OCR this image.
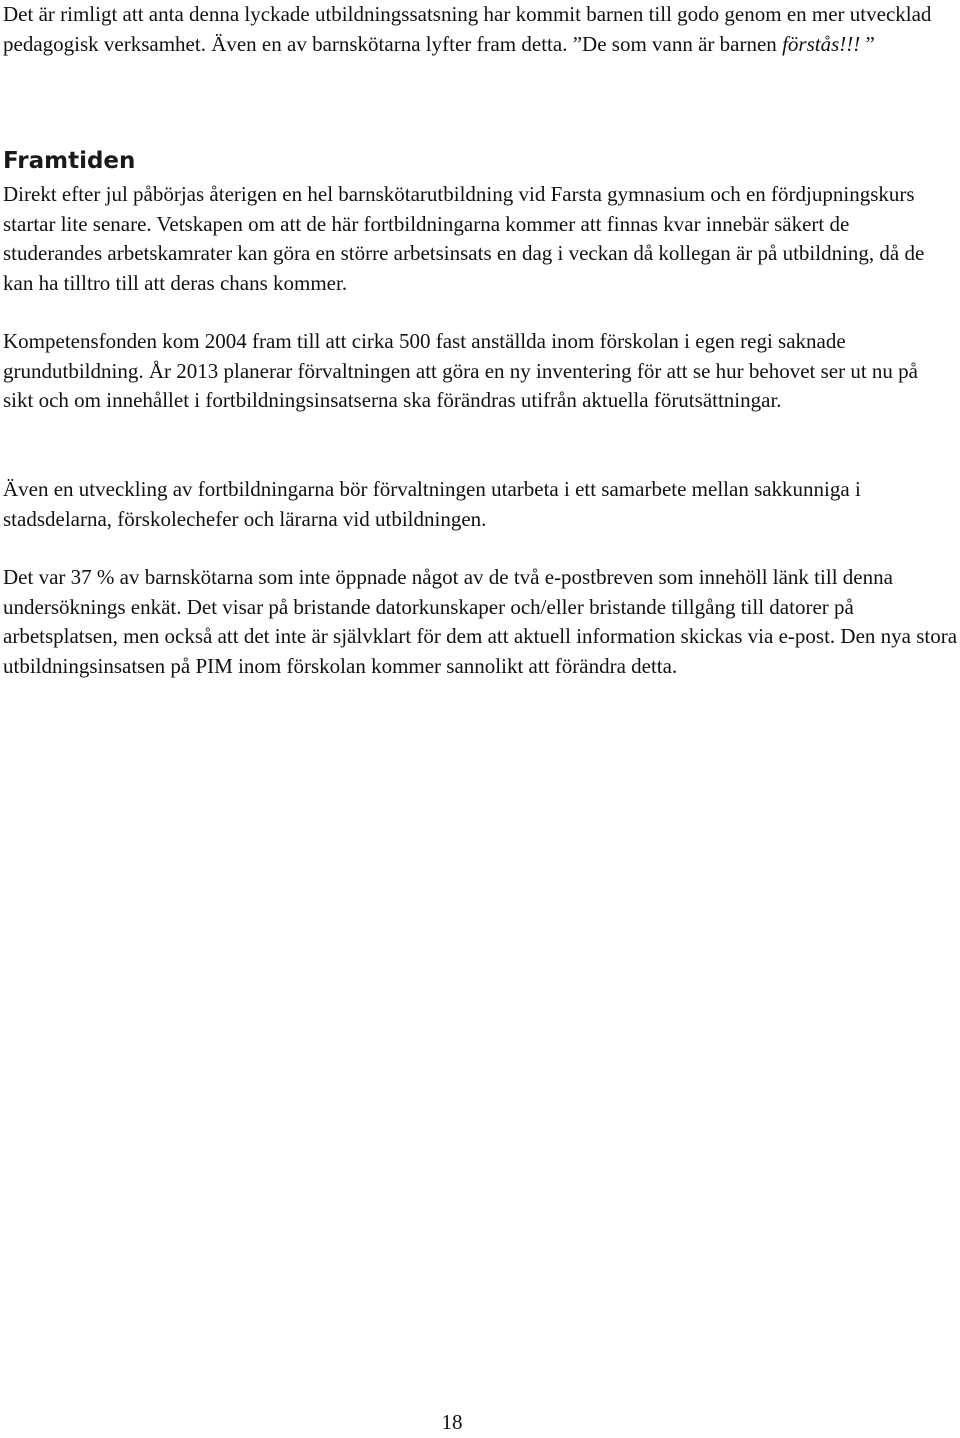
Det är rimligt att anta denna lyckade utbildningssatsning har kommit barnen till godo genom en mer utvecklad pedagogisk verksamhet. Även en av barnskötarna lyfter fram detta. ”De som vann är barnen förstås!!! ”

Framtiden

Direkt efter jul påbörjas återigen en hel barnskötarutbildning vid Farsta gymnasium och en fördjupningskurs startar lite senare. Vetskapen om att de här fortbildningarna kommer att finnas kvar innebär säkert de studerandes arbetskamrater kan göra en större arbetsinsats en dag i veckan då kollegan är på utbildning, då de kan ha tilltro till att deras chans kommer.

Kompetensfonden kom 2004 fram till att cirka 500 fast anställda inom förskolan i egen regi saknade grundutbildning. År 2013 planerar förvaltningen att göra en ny inventering för att se hur behovet ser ut nu på sikt och om innehållet i fortbildningsinsatserna ska förändras utifrån aktuella förutsättningar.

Även en utveckling av fortbildningarna bör förvaltningen utarbeta i ett samarbete mellan sakkunniga i stadsdelarna, förskolechefer och lärarna vid utbildningen.

Det var 37 % av barnskötarna som inte öppnade något av de två e-postbreven som innehöll länk till denna undersöknings enkät. Det visar på bristande datorkunskaper och/eller bristande tillgång till datorer på arbetsplatsen, men också att det inte är självklart för dem att aktuell information skickas via e-post. Den nya stora utbildningsinsatsen på PIM inom förskolan kommer sannolikt att förändra detta.

18
